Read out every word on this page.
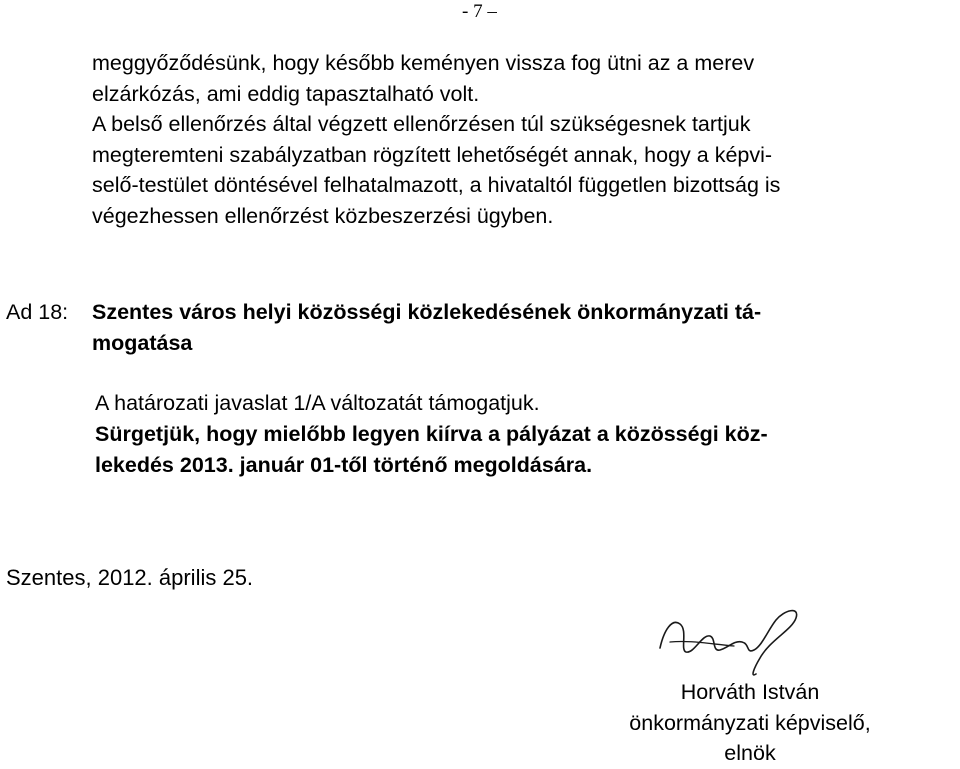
- 7 –

meggyőződésünk, hogy később keményen vissza fog ütni az a merev
elzárkózás, ami eddig tapasztalható volt.

A belső ellenőrzés által végzett ellenőrzésen túl szükségesnek tartjuk
megteremteni szabályzatban rögzített lehetőségét annak, hogy a képvi-
selő-testület döntésével felhatalmazott, a hivataltól független bizottság is
végezhessen ellenőrzést közbeszerzési ügyben.

Ad 18: Szentes város helyi közösségi közlekedésének önkormányzati tá-
mogatása
A határozati javaslat 1/A változatát támogatjuk.
Sürgetjük, hogy mielőbb legyen kiírva a pályázat a közösségi köz-
lekedés 2013. január 01-től történő megoldására.
Szentes, 2012. április 25.
Horváth István
önkormányzati képviselő,
elnök
